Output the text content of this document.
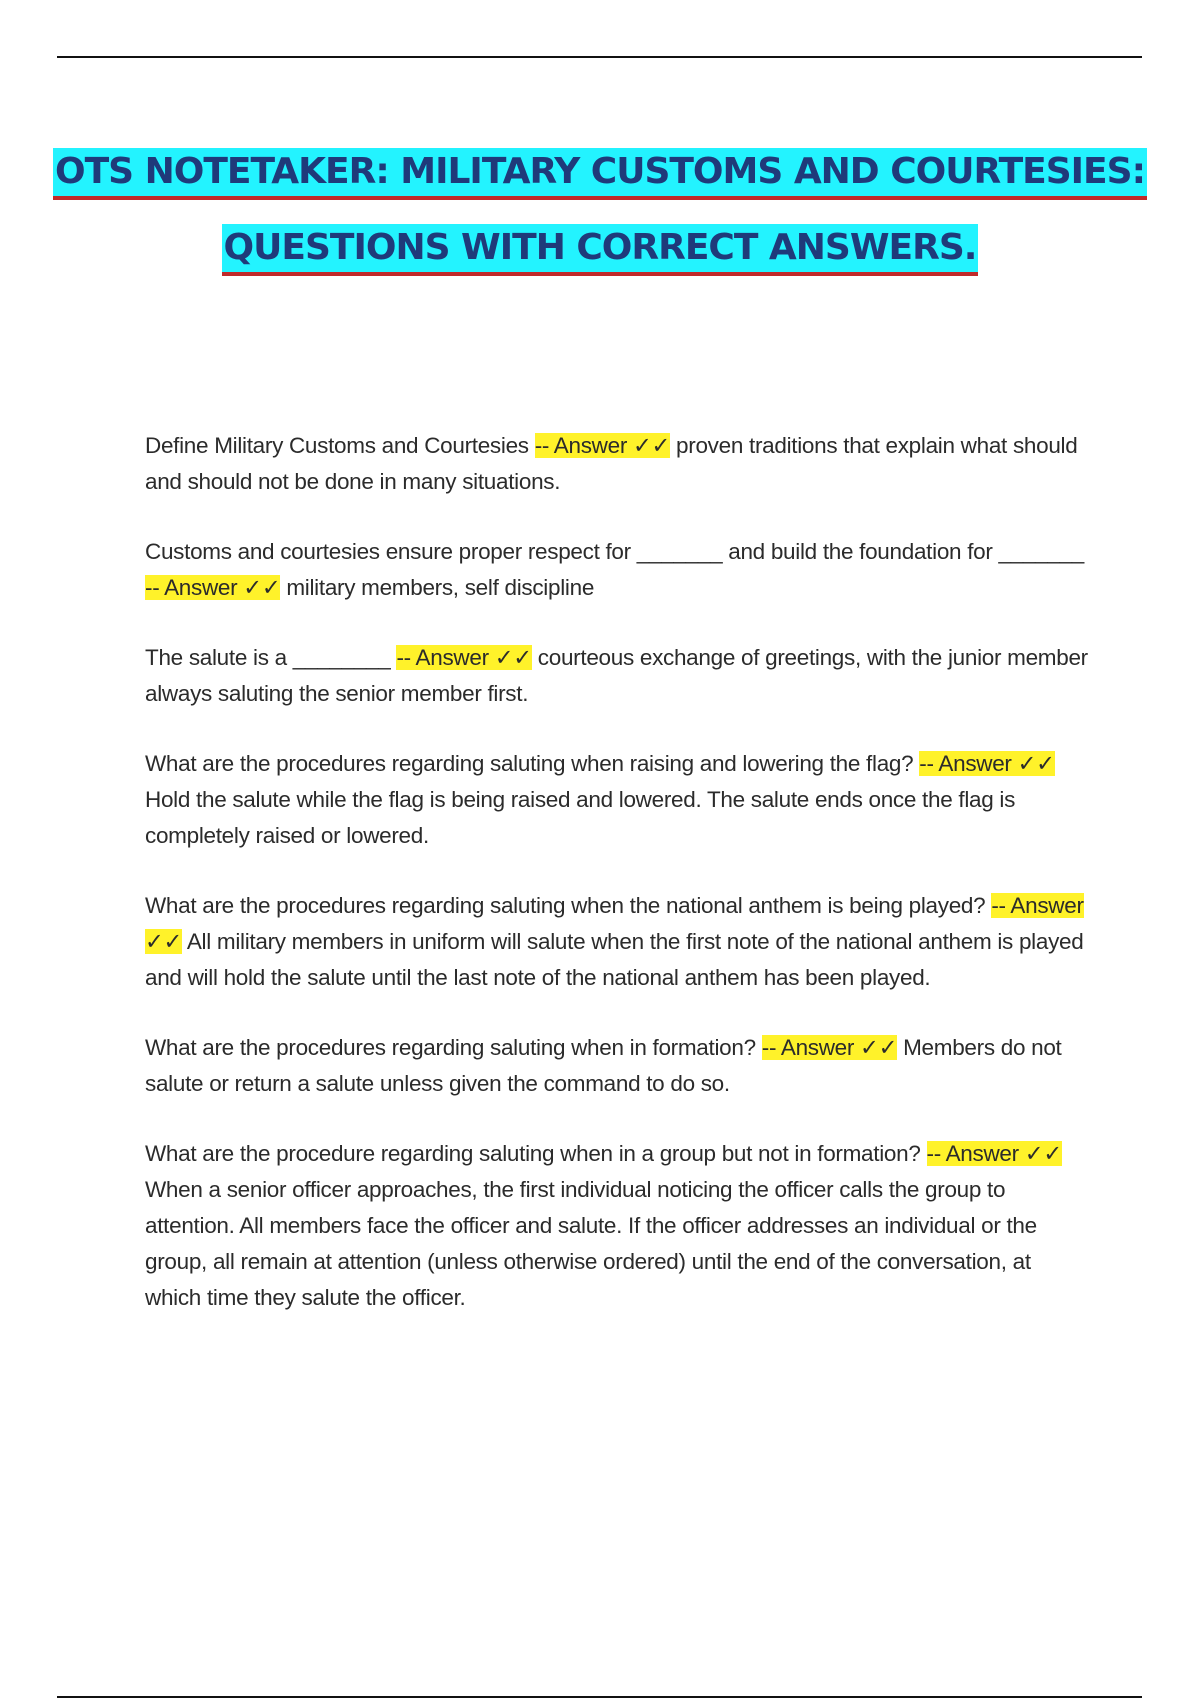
OTS NOTETAKER: MILITARY CUSTOMS AND COURTESIES:
QUESTIONS WITH CORRECT ANSWERS.

Define Military Customs and Courtesies -- Answer ✓✓ proven traditions that explain what should and should not be done in many situations.

Customs and courtesies ensure proper respect for _______ and build the foundation for _______ -- Answer ✓✓ military members, self discipline

The salute is a ________ -- Answer ✓✓ courteous exchange of greetings, with the junior member always saluting the senior member first.

What are the procedures regarding saluting when raising and lowering the flag? -- Answer ✓✓ Hold the salute while the flag is being raised and lowered. The salute ends once the flag is completely raised or lowered.

What are the procedures regarding saluting when the national anthem is being played? -- Answer ✓✓ All military members in uniform will salute when the first note of the national anthem is played and will hold the salute until the last note of the national anthem has been played.

What are the procedures regarding saluting when in formation? -- Answer ✓✓ Members do not salute or return a salute unless given the command to do so.

What are the procedure regarding saluting when in a group but not in formation? -- Answer ✓✓ When a senior officer approaches, the first individual noticing the officer calls the group to attention. All members face the officer and salute. If the officer addresses an individual or the group, all remain at attention (unless otherwise ordered) until the end of the conversation, at which time they salute the officer.
